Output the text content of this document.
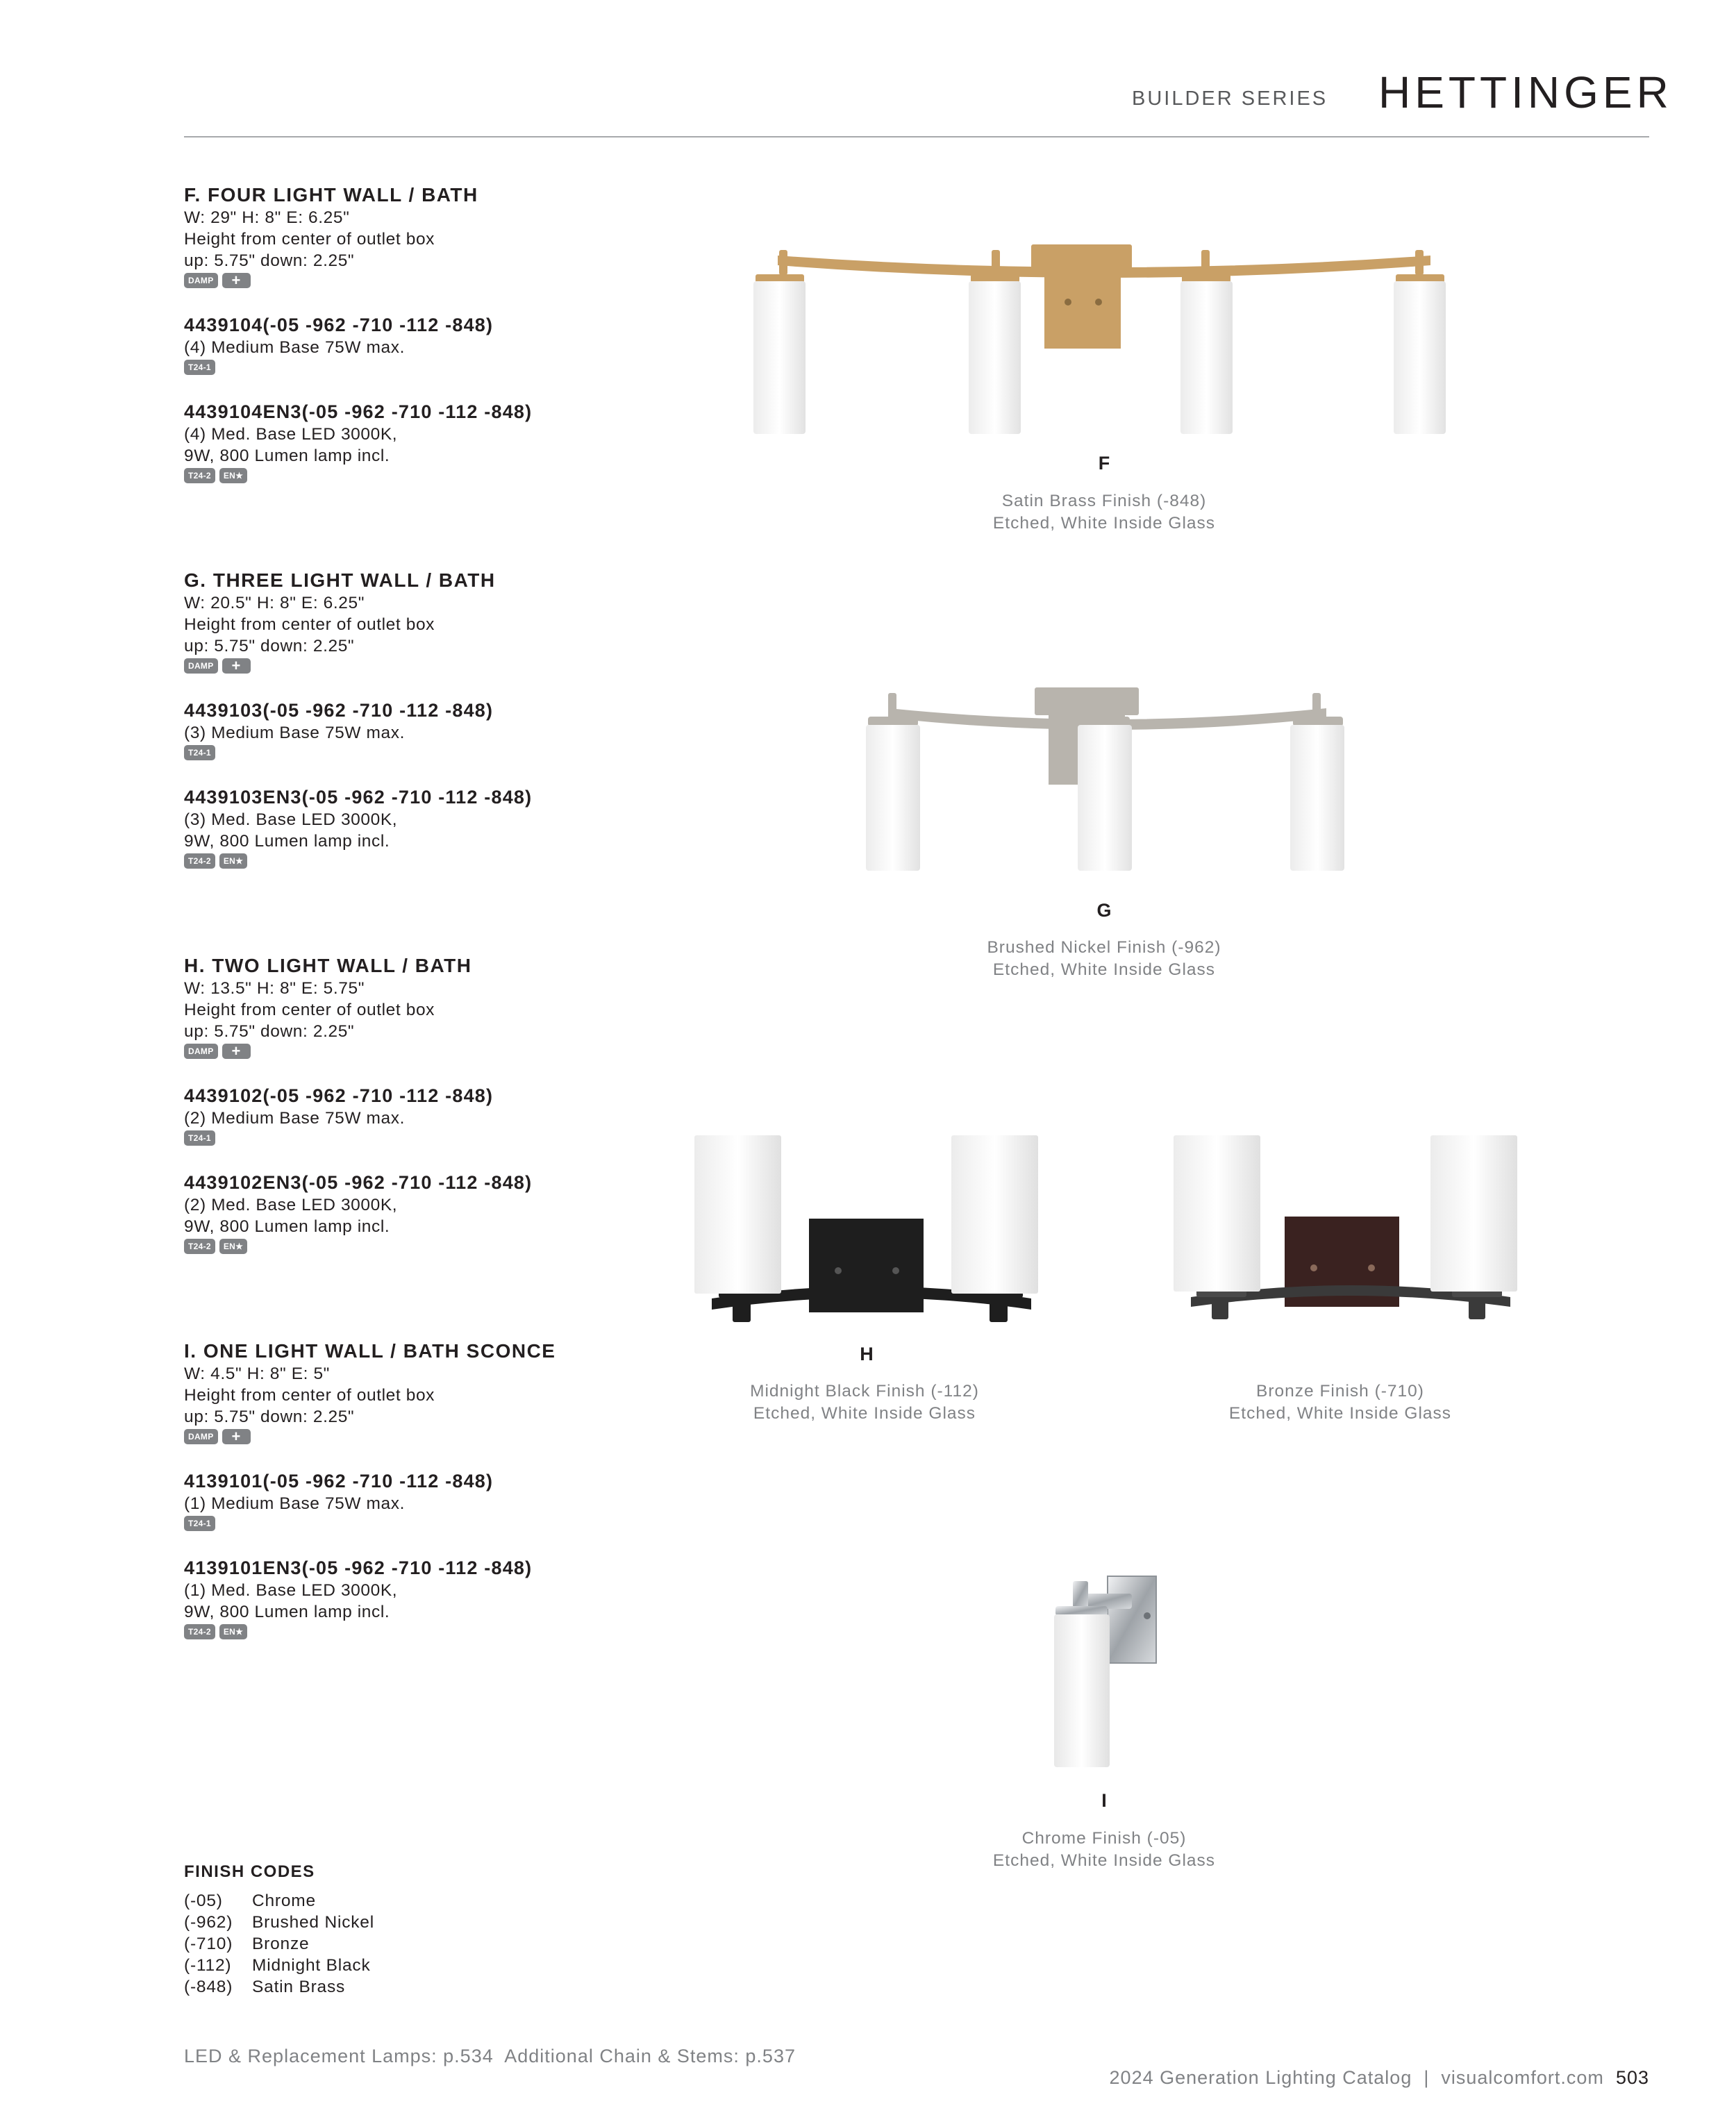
BUILDER SERIES HETTINGER
F. FOUR LIGHT WALL / BATH
W: 29" H: 8" E: 6.25"
Height from center of outlet box
up: 5.75" down: 2.25"
DAMP	+
4439104(-05 -962 -710 -112 -848)
(4) Medium Base 75W max.
T24-1
4439104EN3(-05 -962 -710 -112 -848)
(4) Med. Base LED 3000K,
9W, 800 Lumen lamp incl.
T24-2	EN★
G. THREE LIGHT WALL / BATH
W: 20.5" H: 8" E: 6.25"
Height from center of outlet box
up: 5.75" down: 2.25"
DAMP	+
4439103(-05 -962 -710 -112 -848)
(3) Medium Base 75W max.
T24-1
4439103EN3(-05 -962 -710 -112 -848)
(3) Med. Base LED 3000K,
9W, 800 Lumen lamp incl.
T24-2	EN★
H. TWO LIGHT WALL / BATH
W: 13.5" H: 8" E: 5.75"
Height from center of outlet box
up: 5.75" down: 2.25"
DAMP	+
4439102(-05 -962 -710 -112 -848)
(2) Medium Base 75W max.
T24-1
4439102EN3(-05 -962 -710 -112 -848)
(2) Med. Base LED 3000K,
9W, 800 Lumen lamp incl.
T24-2	EN★
I. ONE LIGHT WALL / BATH SCONCE
W: 4.5" H: 8" E: 5"
Height from center of outlet box
up: 5.75" down: 2.25"
DAMP	+
4139101(-05 -962 -710 -112 -848)
(1) Medium Base 75W max.
T24-1
4139101EN3(-05 -962 -710 -112 -848)
(1) Med. Base LED 3000K,
9W, 800 Lumen lamp incl.
T24-2	EN★
F
Satin Brass Finish (-848)
Etched, White Inside Glass
G
Brushed Nickel Finish (-962)
Etched, White Inside Glass
H
Midnight Black Finish (-112)
Etched, White Inside Glass
Bronze Finish (-710)
Etched, White Inside Glass
I
Chrome Finish (-05)
Etched, White Inside Glass
FINISH CODES
(-05) Chrome
(-962) Brushed Nickel
(-710) Bronze
(-112) Midnight Black
(-848) Satin Brass
LED & Replacement Lamps: p.534  Additional Chain & Stems: p.537

2024 Generation Lighting Catalog  |  visualcomfort.com 503
